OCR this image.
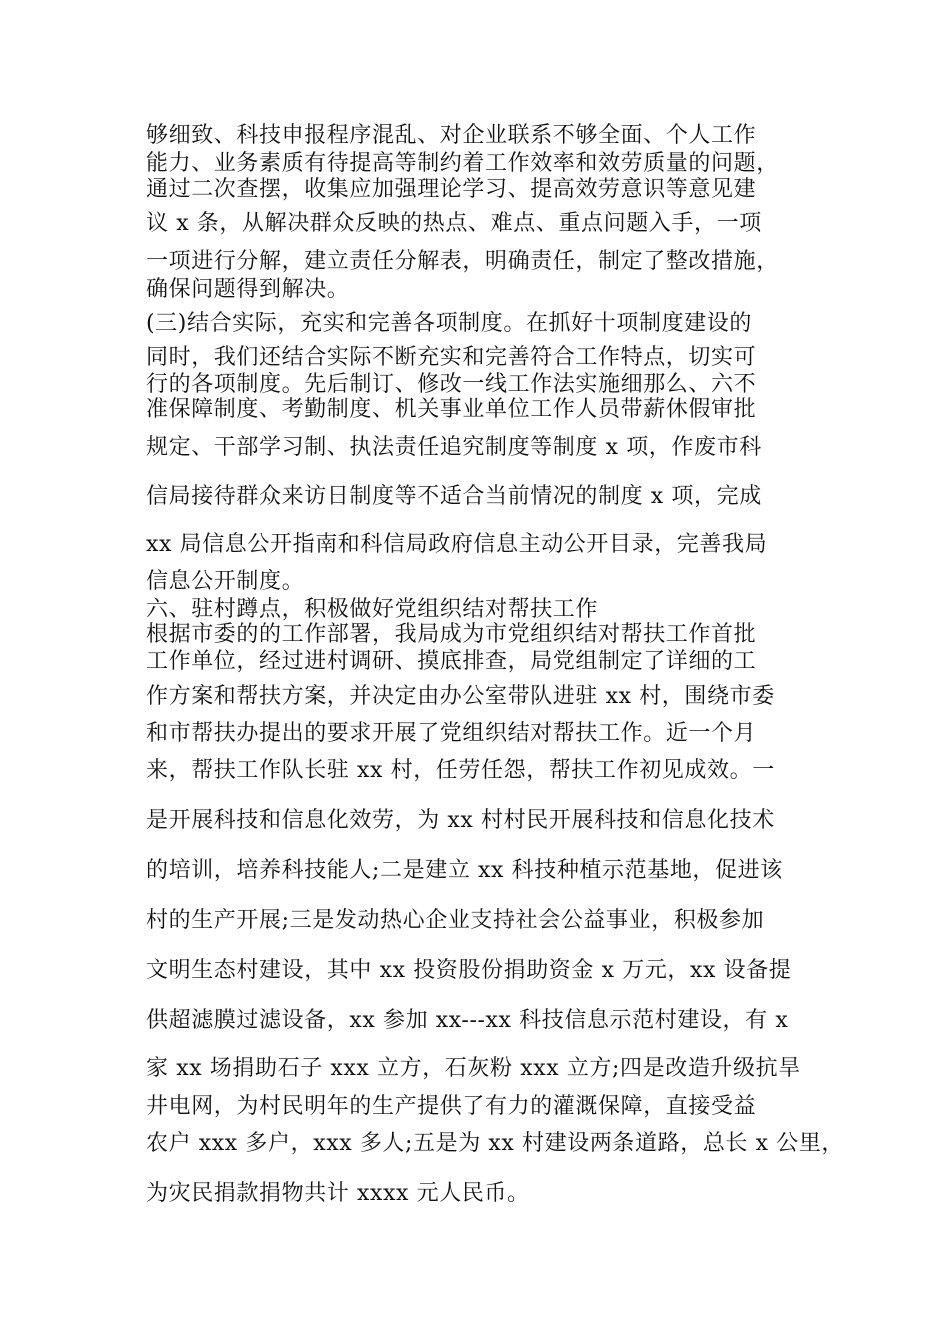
够细致、科技申报程序混乱、对企业联系不够全面、个人工作
能力、业务素质有待提高等制约着工作效率和效劳质量的问题，
通过二次查摆，收集应加强理论学习、提高效劳意识等意见建
议 x 条，从解决群众反映的热点、难点、重点问题入手，一项
一项进行分解，建立责任分解表，明确责任，制定了整改措施，
确保问题得到解决。
(三)结合实际，充实和完善各项制度。在抓好十项制度建设的
同时，我们还结合实际不断充实和完善符合工作特点，切实可
行的各项制度。先后制订、修改一线工作法实施细那么、六不
准保障制度、考勤制度、机关事业单位工作人员带薪休假审批
规定、干部学习制、执法责任追究制度等制度 x 项，作废市科
信局接待群众来访日制度等不适合当前情况的制度 x 项，完成
xx 局信息公开指南和科信局政府信息主动公开目录，完善我局
信息公开制度。
六、驻村蹲点，积极做好党组织结对帮扶工作
根据市委的的工作部署，我局成为市党组织结对帮扶工作首批
工作单位，经过进村调研、摸底排查，局党组制定了详细的工
作方案和帮扶方案，并决定由办公室带队进驻 xx 村，围绕市委
和市帮扶办提出的要求开展了党组织结对帮扶工作。近一个月
来，帮扶工作队长驻 xx 村，任劳任怨，帮扶工作初见成效。一
是开展科技和信息化效劳，为 xx 村村民开展科技和信息化技术
的培训，培养科技能人;二是建立 xx 科技种植示范基地，促进该
村的生产开展;三是发动热心企业支持社会公益事业，积极参加
文明生态村建设，其中 xx 投资股份捐助资金 x 万元，xx 设备提
供超滤膜过滤设备，xx 参加 xx---xx 科技信息示范村建设，有 x
家 xx 场捐助石子 xxx 立方，石灰粉 xxx 立方;四是改造升级抗旱
井电网，为村民明年的生产提供了有力的灌溉保障，直接受益
农户 xxx 多户，xxx 多人;五是为 xx 村建设两条道路，总长 x 公里，
为灾民捐款捐物共计 xxxx 元人民币。
